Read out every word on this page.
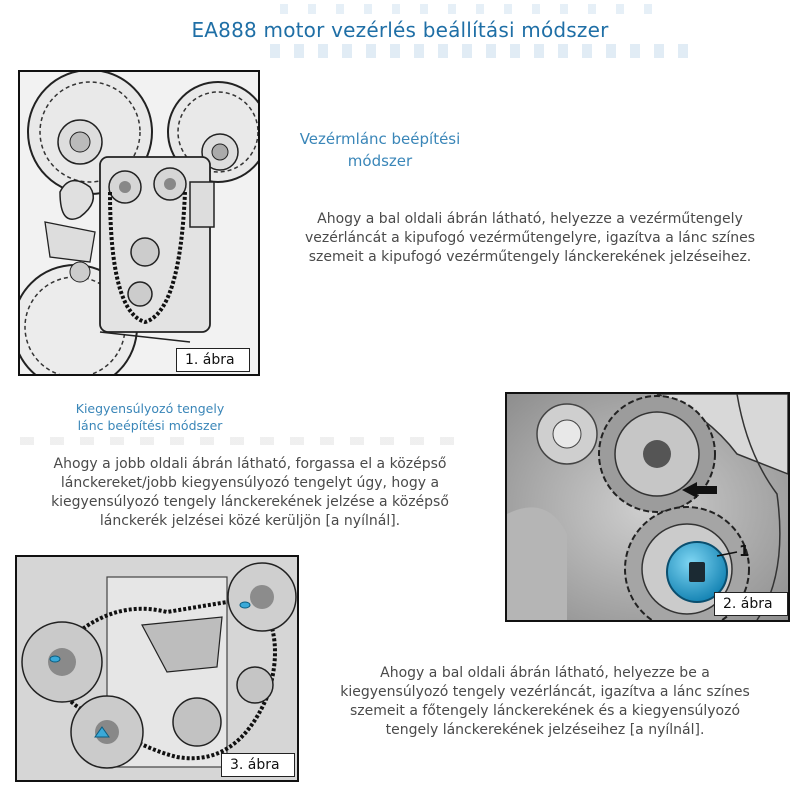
EA888 motor vezérlés beállítási módszer
1. ábra
Vezérmlánc beépítési
módszer
Ahogy a bal oldali ábrán látható, helyezze a vezérműtengely
vezérláncát a kipufogó vezérműtengelyre, igazítva a lánc színes
szemeit a kipufogó vezérműtengely lánckerekének jelzéseihez.
Kiegyensúlyozó tengely
lánc beépítési módszer
Ahogy a jobb oldali ábrán látható, forgassa el a középső
lánckereket/jobb kiegyensúlyozó tengelyt úgy, hogy a
kiegyensúlyozó tengely lánckerekének jelzése a középső
lánckerék jelzései közé kerüljön [a nyílnál].
1
2. ábra
3. ábra
Ahogy a bal oldali ábrán látható, helyezze be a
kiegyensúlyozó tengely vezérláncát, igazítva a lánc színes
szemeit a főtengely lánckerekének és a kiegyensúlyozó
tengely lánckerekének jelzéseihez [a nyílnál].
